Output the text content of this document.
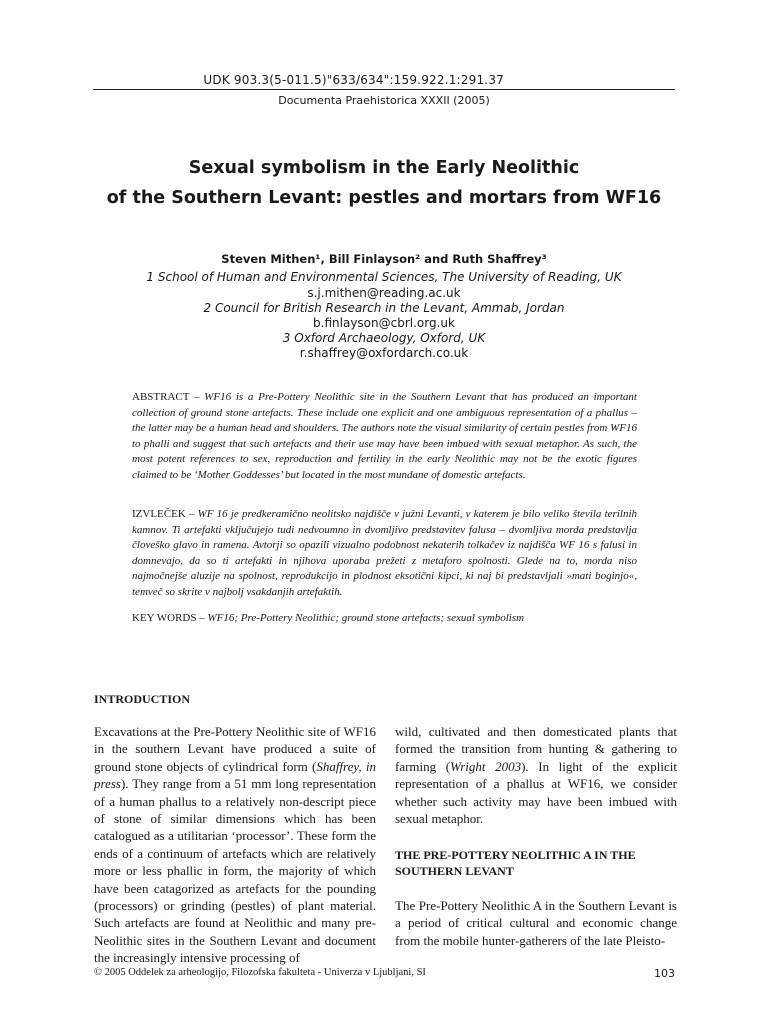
UDK 903.3(5-011.5)"633/634":159.922.1:291.37
Documenta Praehistorica XXXII (2005)
Sexual symbolism in the Early Neolithic
of the Southern Levant: pestles and mortars from WF16
Steven Mithen¹, Bill Finlayson² and Ruth Shaffrey³
1 School of Human and Environmental Sciences, The University of Reading, UK
s.j.mithen@reading.ac.uk
2 Council for British Research in the Levant, Ammab, Jordan
b.finlayson@cbrl.org.uk
3 Oxford Archaeology, Oxford, UK
r.shaffrey@oxfordarch.co.uk
ABSTRACT – WF16 is a Pre-Pottery Neolithic site in the Southern Levant that has produced an important collection of ground stone artefacts. These include one explicit and one ambiguous representation of a phallus – the latter may be a human head and shoulders. The authors note the visual similarity of certain pestles from WF16 to phalli and suggest that such artefacts and their use may have been imbued with sexual metaphor. As such, the most potent references to sex, reproduction and fertility in the early Neolithic may not be the exotic figures claimed to be ‘Mother Goddesses’ but located in the most mundane of domestic artefacts.
IZVLEČEK – WF 16 je predkeramično neolitsko najdišče v južni Levanti, v katerem je bilo veliko števila terilnih kamnov. Ti artefakti vključujejo tudi nedvoumno in dvomljivo predstavitev falusa – dvomljiva morda predstavlja človeško glavo in ramena. Avtorji so opazili vizualno podobnost nekaterih tolkačev iz najdišča WF 16 s falusi in domnevajo, da so ti artefakti in njihova uporaba prežeti z metaforo spolnosti. Glede na to, morda niso najmočnejše aluzije na spolnost, reprodukcijo in plodnost eksotični kipci, ki naj bi predstavljali »mati boginjo«, temveč so skrite v najbolj vsakdanjih artefaktih.
KEY WORDS – WF16; Pre-Pottery Neolithic; ground stone artefacts; sexual symbolism
INTRODUCTION
Excavations at the Pre-Pottery Neolithic site of WF16 in the southern Levant have produced a suite of ground stone objects of cylindrical form (Shaffrey, in press). They range from a 51 mm long representation of a human phallus to a relatively non-descript piece of stone of similar dimensions which has been catalogued as a utilitarian ‘processor’. These form the ends of a continuum of artefacts which are relatively more or less phallic in form, the majority of which have been catagorized as artefacts for the pounding (processors) or grinding (pestles) of plant material. Such artefacts are found at Neolithic and many pre-Neolithic sites in the Southern Levant and document the increasingly intensive processing of
wild, cultivated and then domesticated plants that formed the transition from hunting & gathering to farming (Wright 2003). In light of the explicit representation of a phallus at WF16, we consider whether such activity may have been imbued with sexual metaphor.
THE PRE-POTTERY NEOLITHIC A IN THE SOUTHERN LEVANT
The Pre-Pottery Neolithic A in the Southern Levant is a period of critical cultural and economic change from the mobile hunter-gatherers of the late Pleisto-
© 2005 Oddelek za arheologijo, Filozofska fakulteta - Univerza v Ljubljani, SI	103
